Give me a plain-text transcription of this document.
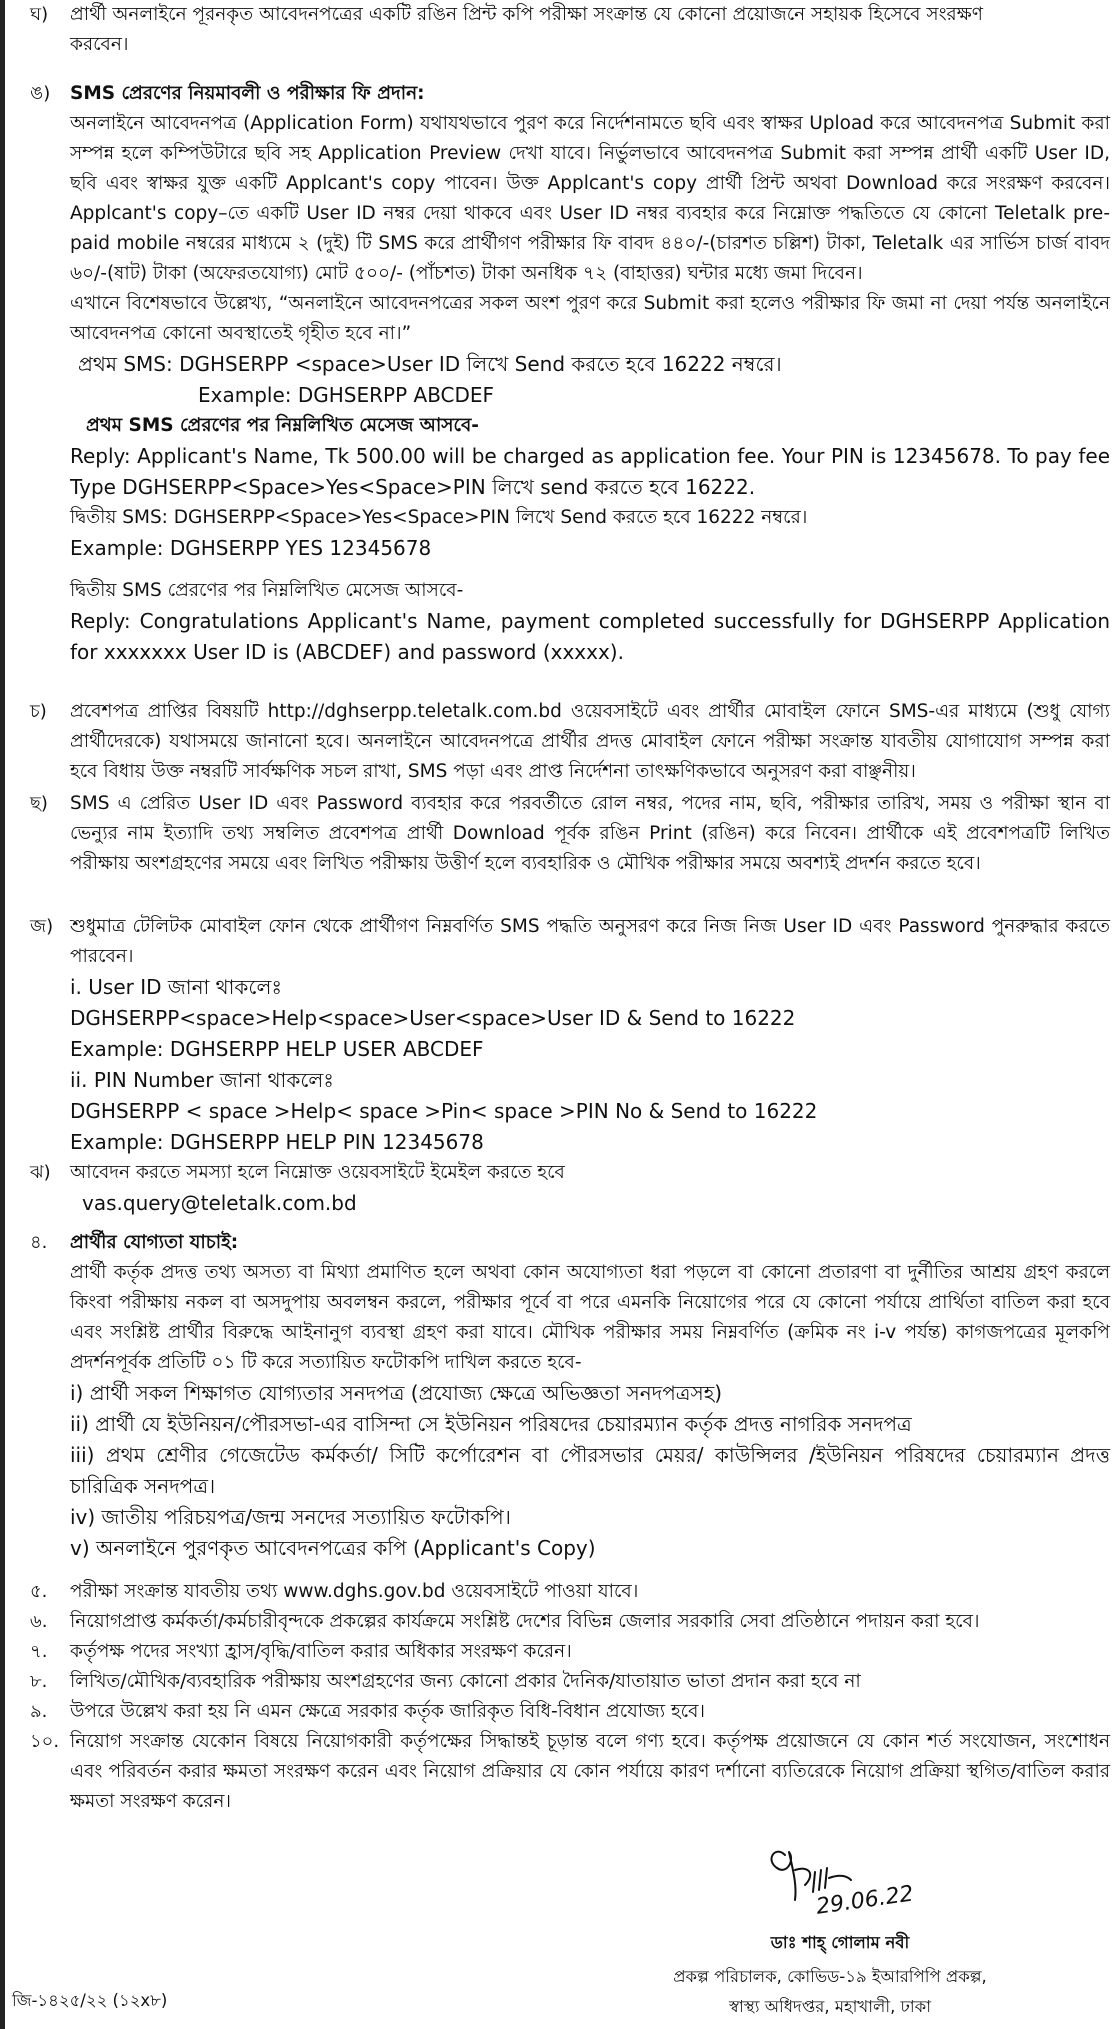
ঘ) প্রার্থী অনলাইনে পূরনকৃত আবেদনপত্রের একটি রঙিন প্রিন্ট কপি পরীক্ষা সংক্রান্ত যে কোনো প্রয়োজনে সহায়ক হিসেবে সংরক্ষণ

করবেন।

ঙ) SMS প্রেরণের নিয়মাবলী ও পরীক্ষার ফি প্রদান:

অনলাইনে আবেদনপত্র (Application Form) যথাযথভাবে পুরণ করে নির্দেশনামতে ছবি এবং স্বাক্ষর Upload করে আবেদনপত্র Submit করা সম্পন্ন হলে কম্পিউটারে ছবি সহ Application Preview দেখা যাবে। নির্ভুলভাবে আবেদনপত্র Submit করা সম্পন্ন প্রার্থী একটি User ID, ছবি এবং স্বাক্ষর যুক্ত একটি Applcant's copy পাবেন। উক্ত Applcant's copy প্রার্থী প্রিন্ট অথবা Download করে সংরক্ষণ করবেন। Applcant's copy–তে একটি User ID নম্বর দেয়া থাকবে এবং User ID নম্বর ব্যবহার করে নিম্নোক্ত পদ্ধতিতে যে কোনো Teletalk pre-paid mobile নম্বরের মাধ্যমে ২ (দুই) টি SMS করে প্রার্থীগণ পরীক্ষার ফি বাবদ ৪৪০/-(চারশত চল্লিশ) টাকা, Teletalk এর সার্ভিস চার্জ বাবদ ৬০/-(ষাট) টাকা (অফেরতযোগ্য) মোট ৫০০/- (পাঁচশত) টাকা অনধিক ৭২ (বাহাত্তর) ঘন্টার মধ্যে জমা দিবেন।

এখানে বিশেষভাবে উল্লেখ্য, “অনলাইনে আবেদনপত্রের সকল অংশ পুরণ করে Submit করা হলেও পরীক্ষার ফি জমা না দেয়া পর্যন্ত অনলাইনে আবেদনপত্র কোনো অবস্থাতেই গৃহীত হবে না।”

প্রথম SMS: DGHSERPP <space>User ID লিখে Send করতে হবে 16222 নম্বরে।

Example: DGHSERPP ABCDEF

প্রথম SMS প্রেরণের পর নিম্নলিখিত মেসেজ আসবে-

Reply: Applicant's Name, Tk 500.00 will be charged as application fee. Your PIN is 12345678. To pay fee Type DGHSERPP<Space>Yes<Space>PIN লিখে send করতে হবে 16222.

দ্বিতীয় SMS: DGHSERPP<Space>Yes<Space>PIN লিখে Send করতে হবে 16222 নম্বরে।

Example: DGHSERPP YES 12345678

দ্বিতীয় SMS প্রেরণের পর নিম্নলিখিত মেসেজ আসবে-

Reply: Congratulations Applicant's Name, payment completed successfully for DGHSERPP Application for xxxxxxx User ID is (ABCDEF) and password (xxxxx).

চ) প্রবেশপত্র প্রাপ্তির বিষয়টি http://dghserpp.teletalk.com.bd ওয়েবসাইটে এবং প্রার্থীর মোবাইল ফোনে SMS-এর মাধ্যমে (শুধু যোগ্য প্রার্থীদেরকে) যথাসময়ে জানানো হবে। অনলাইনে আবেদনপত্রে প্রার্থীর প্রদত্ত মোবাইল ফোনে পরীক্ষা সংক্রান্ত যাবতীয় যোগাযোগ সম্পন্ন করা হবে বিধায় উক্ত নম্বরটি সার্বক্ষণিক সচল রাখা, SMS পড়া এবং প্রাপ্ত নির্দেশনা তাৎক্ষণিকভাবে অনুসরণ করা বাঞ্ছনীয়।
ছ) SMS এ প্রেরিত User ID এবং Password ব্যবহার করে পরবর্তীতে রোল নম্বর, পদের নাম, ছবি, পরীক্ষার তারিখ, সময় ও পরীক্ষা স্থান বা ভেন্যুর নাম ইত্যাদি তথ্য সম্বলিত প্রবেশপত্র প্রার্থী Download পূর্বক রঙিন Print (রঙিন) করে নিবেন। প্রার্থীকে এই প্রবেশপত্রটি লিখিত পরীক্ষায় অংশগ্রহণের সময়ে এবং লিখিত পরীক্ষায় উত্তীর্ণ হলে ব্যবহারিক ও মৌখিক পরীক্ষার সময়ে অবশ্যই প্রদর্শন করতে হবে।
জ) শুধুমাত্র টেলিটক মোবাইল ফোন থেকে প্রার্থীগণ নিম্নবর্ণিত SMS পদ্ধতি অনুসরণ করে নিজ নিজ User ID এবং Password পুনরুদ্ধার করতে পারবেন।

i. User ID জানা থাকলেঃ

DGHSERPP<space>Help<space>User<space>User ID & Send to 16222

Example: DGHSERPP HELP USER ABCDEF

ii. PIN Number জানা থাকলেঃ

DGHSERPP < space >Help< space >Pin< space >PIN No & Send to 16222

Example: DGHSERPP HELP PIN 12345678

ঝ) আবেদন করতে সমস্যা হলে নিম্নোক্ত ওয়েবসাইটে ইমেইল করতে হবে

vas.query@teletalk.com.bd

৪. প্রার্থীর যোগ্যতা যাচাই:

প্রার্থী কর্তৃক প্রদত্ত তথ্য অসত্য বা মিথ্যা প্রমাণিত হলে অথবা কোন অযোগ্যতা ধরা পড়লে বা কোনো প্রতারণা বা দুর্নীতির আশ্রয় গ্রহণ করলে কিংবা পরীক্ষায় নকল বা অসদুপায় অবলম্বন করলে, পরীক্ষার পূর্বে বা পরে এমনকি নিয়োগের পরে যে কোনো পর্যায়ে প্রার্থিতা বাতিল করা হবে এবং সংশ্লিষ্ট প্রার্থীর বিরুদ্ধে আইনানুগ ব্যবস্থা গ্রহণ করা যাবে। মৌখিক পরীক্ষার সময় নিম্নবর্ণিত (ক্রমিক নং i-v পর্যন্ত) কাগজপত্রের মূলকপি প্রদর্শনপূর্বক প্রতিটি ০১ টি করে সত্যায়িত ফটোকপি দাখিল করতে হবে-

i) প্রার্থী সকল শিক্ষাগত যোগ্যতার সনদপত্র (প্রযোজ্য ক্ষেত্রে অভিজ্ঞতা সনদপত্রসহ)

ii) প্রার্থী যে ইউনিয়ন/পৌরসভা-এর বাসিন্দা সে ইউনিয়ন পরিষদের চেয়ারম্যান কর্তৃক প্রদত্ত নাগরিক সনদপত্র

iii) প্রথম শ্রেণীর গেজেটেড কর্মকর্তা/ সিটি কর্পোরেশন বা পৌরসভার মেয়র/ কাউন্সিলর /ইউনিয়ন পরিষদের চেয়ারম্যান প্রদত্ত চারিত্রিক সনদপত্র।

iv) জাতীয় পরিচয়পত্র/জন্ম সনদের সত্যায়িত ফটোকপি।

v) অনলাইনে পুরণকৃত আবেদনপত্রের কপি (Applicant's Copy)

৫. পরীক্ষা সংক্রান্ত যাবতীয় তথ্য www.dghs.gov.bd ওয়েবসাইটে পাওয়া যাবে।
৬. নিয়োগপ্রাপ্ত কর্মকর্তা/কর্মচারীবৃন্দকে প্রকল্পের কার্যক্রমে সংশ্লিষ্ট দেশের বিভিন্ন জেলার সরকারি সেবা প্রতিষ্ঠানে পদায়ন করা হবে।
৭. কর্তৃপক্ষ পদের সংখ্যা হ্রাস/বৃদ্ধি/বাতিল করার অধিকার সংরক্ষণ করেন।
৮. লিখিত/মৌখিক/ব্যবহারিক পরীক্ষায় অংশগ্রহণের জন্য কোনো প্রকার দৈনিক/যাতায়াত ভাতা প্রদান করা হবে না
৯. উপরে উল্লেখ করা হয় নি এমন ক্ষেত্রে সরকার কর্তৃক জারিকৃত বিধি-বিধান প্রযোজ্য হবে।
১০. নিয়োগ সংক্রান্ত যেকোন বিষয়ে নিয়োগকারী কর্তৃপক্ষের সিদ্ধান্তই চূড়ান্ত বলে গণ্য হবে। কর্তৃপক্ষ প্রয়োজনে যে কোন শর্ত সংযোজন, সংশোধন এবং পরিবর্তন করার ক্ষমতা সংরক্ষণ করেন এবং নিয়োগ প্রক্রিয়ার যে কোন পর্যায়ে কারণ দর্শানো ব্যতিরেকে নিয়োগ প্রক্রিয়া স্থগিত/বাতিল করার ক্ষমতা সংরক্ষণ করেন।
29.06.22
ডাঃ শাহ্ গোলাম নবী
প্রকল্প পরিচালক, কোভিড-১৯ ইআরপিপি প্রকল্প,
স্বাস্থ্য অধিদপ্তর, মহাখালী, ঢাকা
জি-১৪২৫/২২ (১২x৮)
